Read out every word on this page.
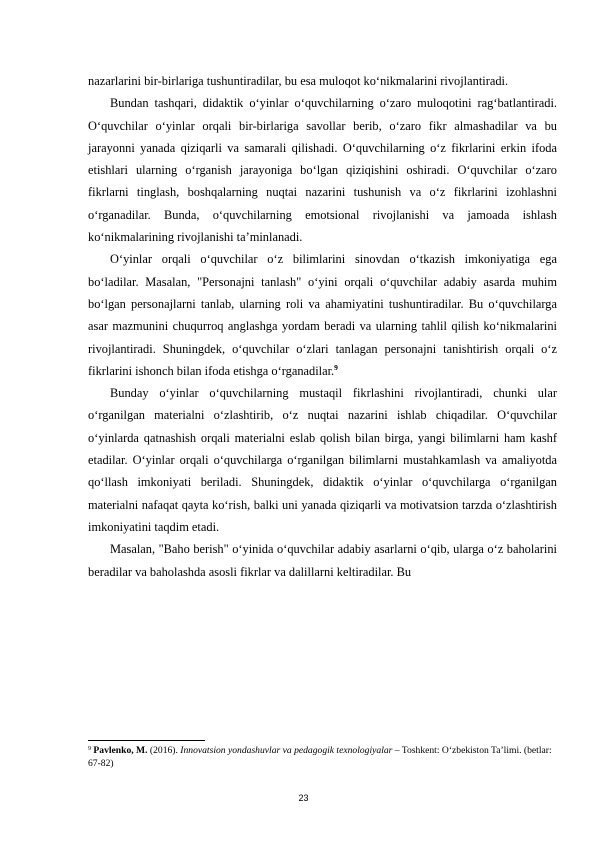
nazarlarini bir-birlariga tushuntiradilar, bu esa muloqot ko‘nikmalarini rivojlantiradi.

Bundan tashqari, didaktik o‘yinlar o‘quvchilarning o‘zaro muloqotini rag‘batlantiradi. O‘quvchilar o‘yinlar orqali bir-birlariga savollar berib, o‘zaro fikr almashadilar va bu jarayonni yanada qiziqarli va samarali qilishadi. O‘quvchilarning o‘z fikrlarini erkin ifoda etishlari ularning o‘rganish jarayoniga bo‘lgan qiziqishini oshiradi. O‘quvchilar o‘zaro fikrlarni tinglash, boshqalarning nuqtai nazarini tushunish va o‘z fikrlarini izohlashni o‘rganadilar. Bunda, o‘quvchilarning emotsional rivojlanishi va jamoada ishlash ko‘nikmalarining rivojlanishi ta’minlanadi.

O‘yinlar orqali o‘quvchilar o‘z bilimlarini sinovdan o‘tkazish imkoniyatiga ega bo‘ladilar. Masalan, "Personajni tanlash" o‘yini orqali o‘quvchilar adabiy asarda muhim bo‘lgan personajlarni tanlab, ularning roli va ahamiyatini tushuntiradilar. Bu o‘quvchilarga asar mazmunini chuqurroq anglashga yordam beradi va ularning tahlil qilish ko‘nikmalarini rivojlantiradi. Shuningdek, o‘quvchilar o‘zlari tanlagan personajni tanishtirish orqali o‘z fikrlarini ishonch bilan ifoda etishga o‘rganadilar.$^9$

Bunday o‘yinlar o‘quvchilarning mustaqil fikrlashini rivojlantiradi, chunki ular o‘rganilgan materialni o‘zlashtirib, o‘z nuqtai nazarini ishlab chiqadilar. O‘quvchilar o‘yinlarda qatnashish orqali materialni eslab qolish bilan birga, yangi bilimlarni ham kashf etadilar. O‘yinlar orqali o‘quvchilarga o‘rganilgan bilimlarni mustahkamlash va amaliyotda qo‘llash imkoniyati beriladi. Shuningdek, didaktik o‘yinlar o‘quvchilarga o‘rganilgan materialni nafaqat qayta ko‘rish, balki uni yanada qiziqarli va motivatsion tarzda o‘zlashtirish imkoniyatini taqdim etadi.

Masalan, "Baho berish" o‘yinida o‘quvchilar adabiy asarlarni o‘qib, ularga o‘z baholarini beradilar va baholashda asosli fikrlar va dalillarni keltiradilar. Bu

$^9$ Pavlenko, M. (2016). Innovatsion yondashuvlar va pedagogik texnologiyalar – Toshkent: O‘zbekiston Ta’limi. (betlar: 67-82)
23
